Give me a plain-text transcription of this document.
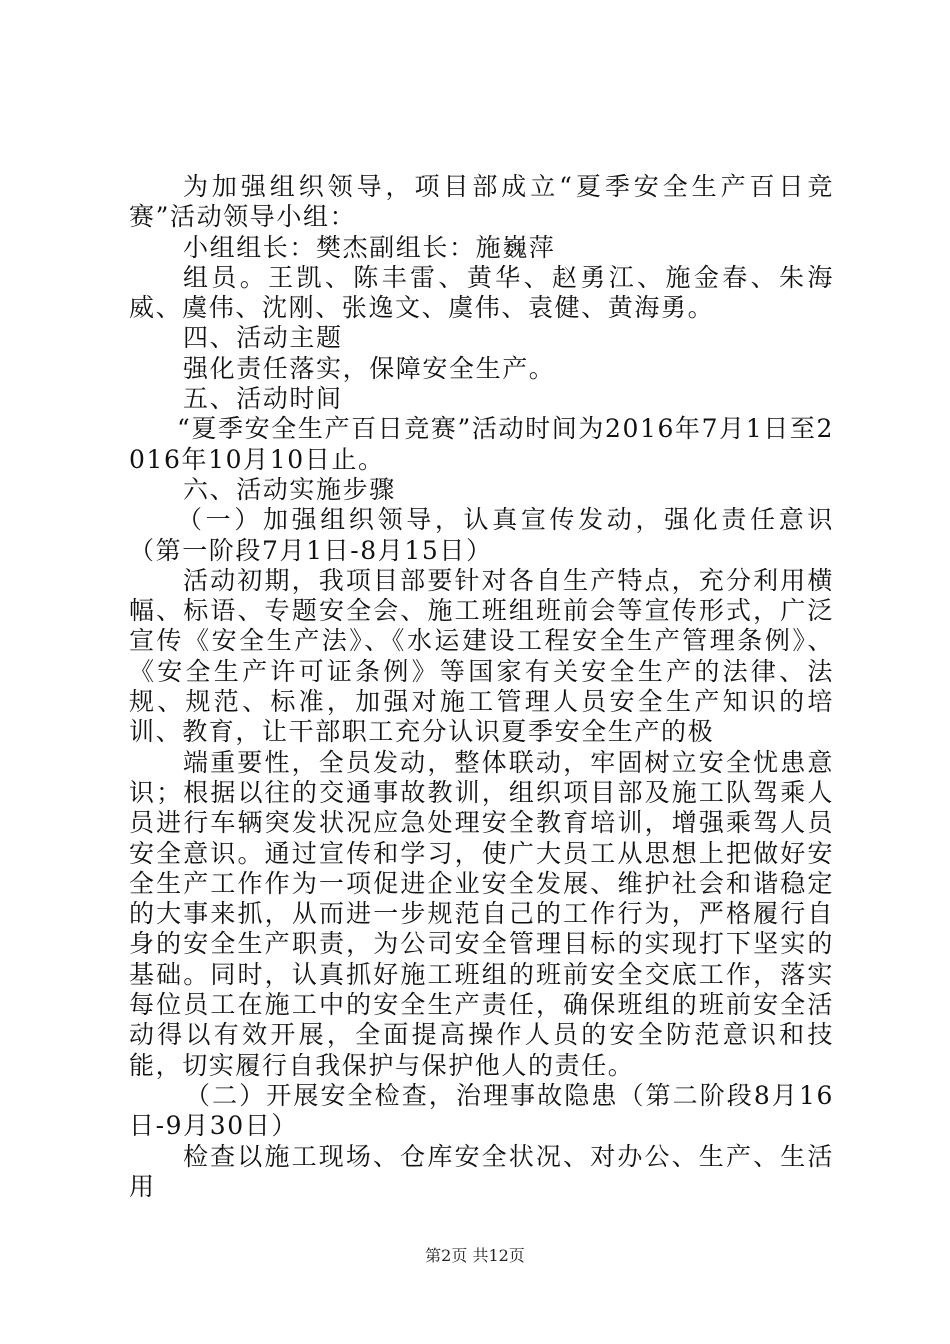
为加强组织领导，项目部成立“夏季安全生产百日竞赛”活动领导小组：

小组组长：樊杰副组长：施巍萍

组员。王凯、陈丰雷、黄华、赵勇江、施金春、朱海威、虞伟、沈刚、张逸文、虞伟、袁健、黄海勇。

四、活动主题

强化责任落实，保障安全生产。

五、活动时间

“夏季安全生产百日竞赛”活动时间为2016年7月1日至2016年10月10日止。

六、活动实施步骤

（一）加强组织领导，认真宣传发动，强化责任意识（第一阶段7月1日-8月15日）

活动初期，我项目部要针对各自生产特点，充分利用横幅、标语、专题安全会、施工班组班前会等宣传形式，广泛宣传《安全生产法》、《水运建设工程安全生产管理条例》、《安全生产许可证条例》等国家有关安全生产的法律、法规、规范、标准，加强对施工管理人员安全生产知识的培训、教育，让干部职工充分认识夏季安全生产的极

端重要性，全员发动，整体联动，牢固树立安全忧患意识；根据以往的交通事故教训，组织项目部及施工队驾乘人员进行车辆突发状况应急处理安全教育培训，增强乘驾人员安全意识。通过宣传和学习，使广大员工从思想上把做好安全生产工作作为一项促进企业安全发展、维护社会和谐稳定的大事来抓，从而进一步规范自己的工作行为，严格履行自身的安全生产职责，为公司安全管理目标的实现打下坚实的基础。同时，认真抓好施工班组的班前安全交底工作，落实每位员工在施工中的安全生产责任，确保班组的班前安全活动得以有效开展，全面提高操作人员的安全防范意识和技能，切实履行自我保护与保护他人的责任。

（二）开展安全检查，治理事故隐患（第二阶段8月16日-9月30日）

检查以施工现场、仓库安全状况、对办公、生产、生活用

第2页 共12页
